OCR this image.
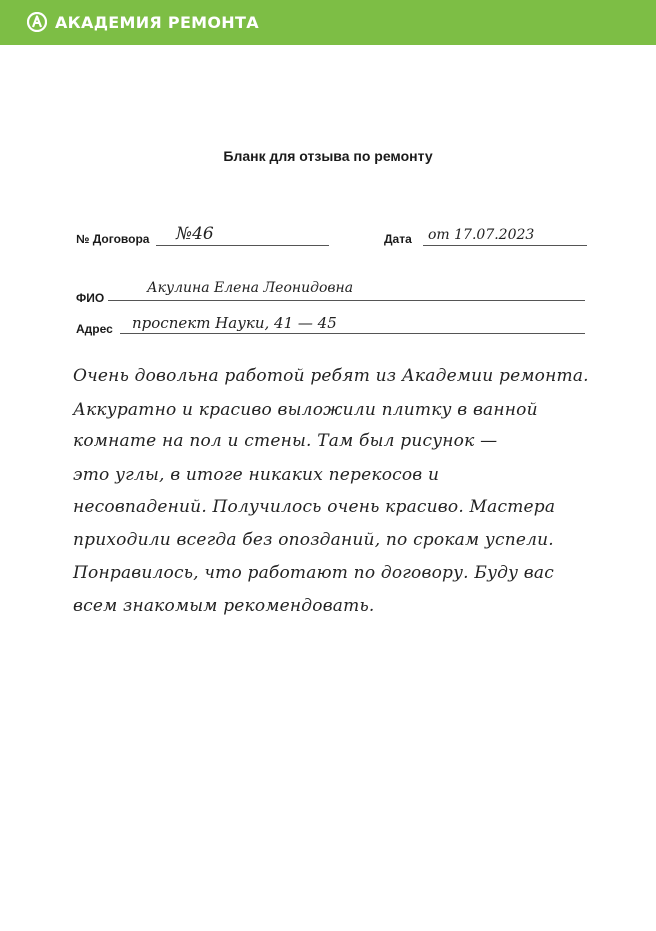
АКАДЕМИЯ РЕМОНТА
Бланк для отзыва по ремонту
№ Договора №46	Дата от 17.07.2023
ФИО
Акулина Елена Леонидовна
Адрес проспект Науки, 41 — 45
Очень довольна работой ребят из Академии ремонта.
Аккуратно и красиво выложили плитку в ванной
комнате на пол и стены. Там был рисунок —
это углы, в итоге никаких перекосов и
несовпадений. Получилось очень красиво. Мастера
приходили всегда без опозданий, по срокам успели.
Понравилось, что работают по договору. Буду вас
всем знакомым рекомендовать.
